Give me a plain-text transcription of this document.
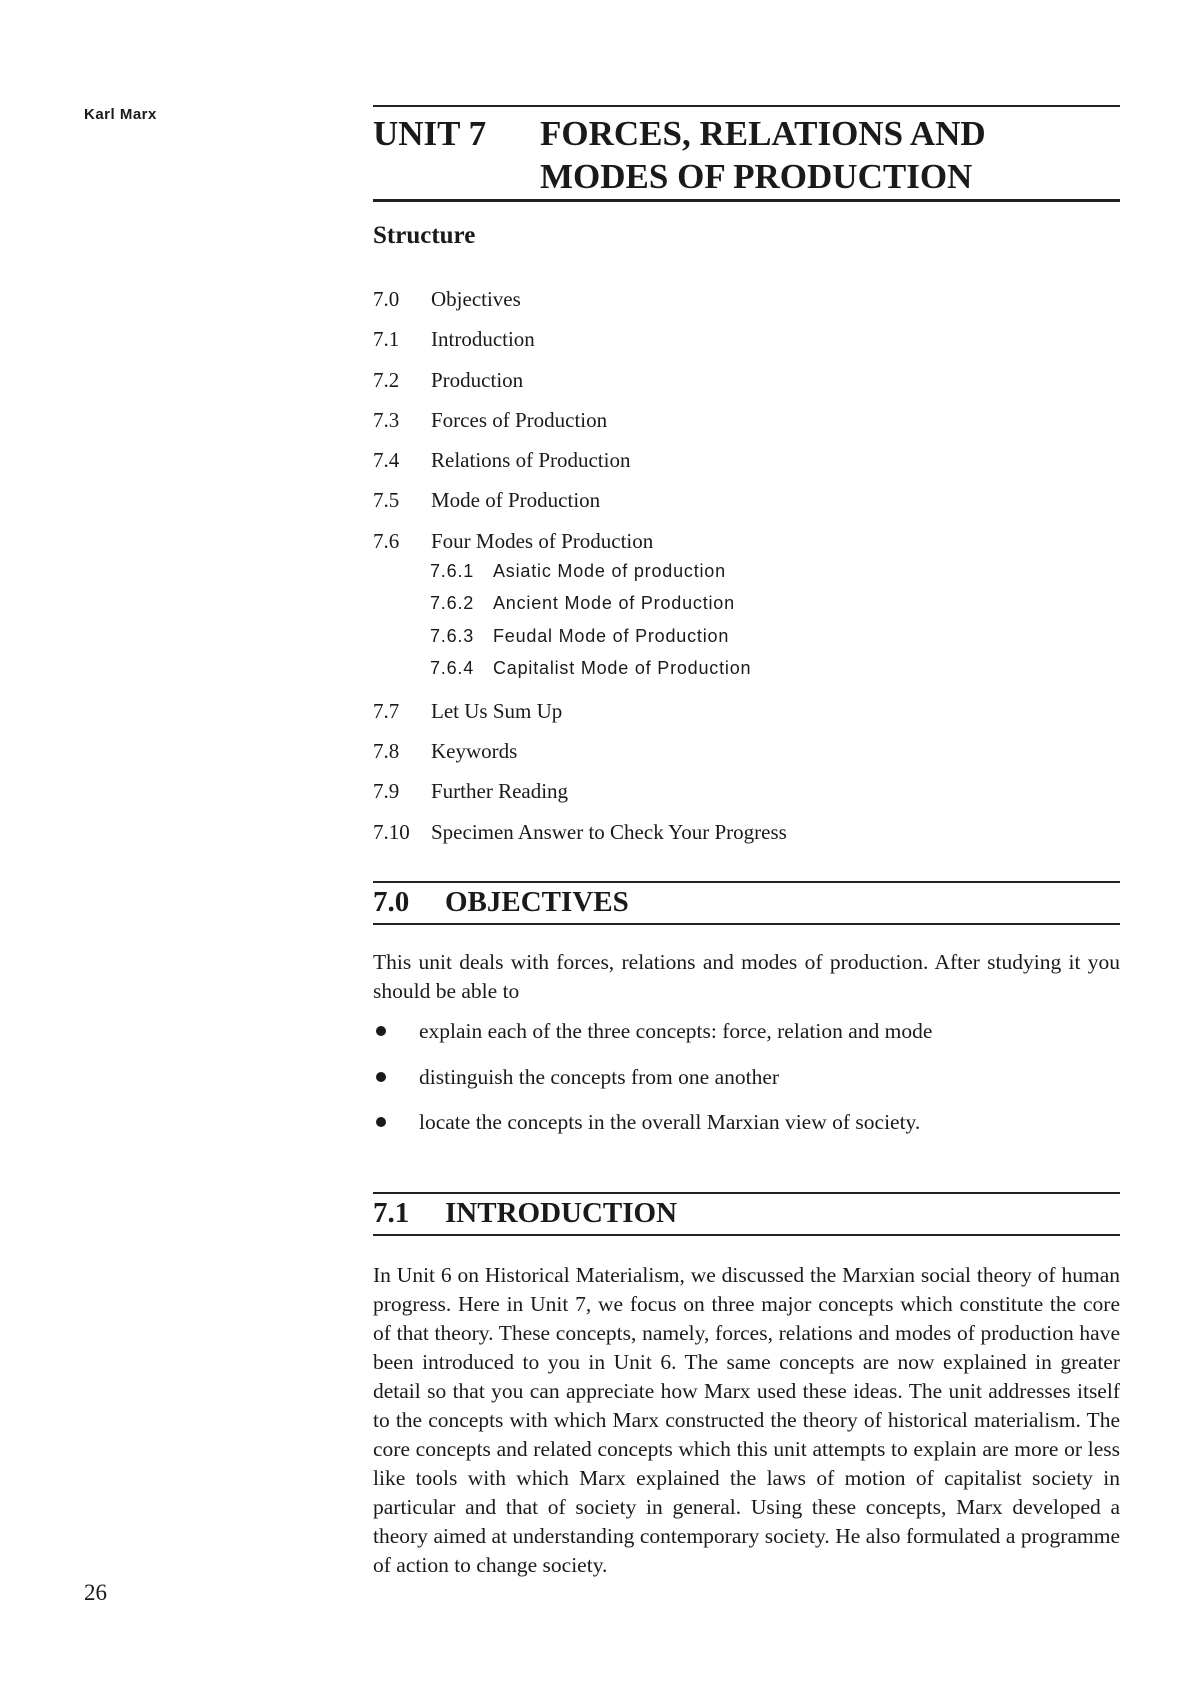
Karl Marx	UNIT 7	FORCES, RELATIONS AND
MODES OF PRODUCTION
Structure
7.0	Objectives
7.1	Introduction
7.2	Production
7.3	Forces of Production
7.4	Relations of Production
7.5	Mode of Production
7.6	Four Modes of Production
7.6.1	Asiatic Mode of production
7.6.2	Ancient Mode of Production
7.6.3	Feudal Mode of Production
7.6.4	Capitalist Mode of Production
7.7	Let Us Sum Up
7.8	Keywords
7.9	Further Reading
7.10	Specimen Answer to Check Your Progress
7.0	OBJECTIVES
This unit deals with forces, relations and modes of production. After studying it you should be able to
explain each of the three concepts: force, relation and mode
distinguish the concepts from one another
locate the concepts in the overall Marxian view of society.
7.1	INTRODUCTION
In Unit 6 on Historical Materialism, we discussed the Marxian social theory of human progress. Here in Unit 7, we focus on three major concepts which constitute the core of that theory. These concepts, namely, forces, relations and modes of production have been introduced to you in Unit 6. The same concepts are now explained in greater detail so that you can appreciate how Marx used these ideas. The unit addresses itself to the concepts with which Marx constructed the theory of historical materialism. The core concepts and related concepts which this unit attempts to explain are more or less like tools with which Marx explained the laws of motion of capitalist society in particular and that of society in general. Using these concepts, Marx developed a theory aimed at understanding contemporary society. He also formulated a programme of action to change society.
26
